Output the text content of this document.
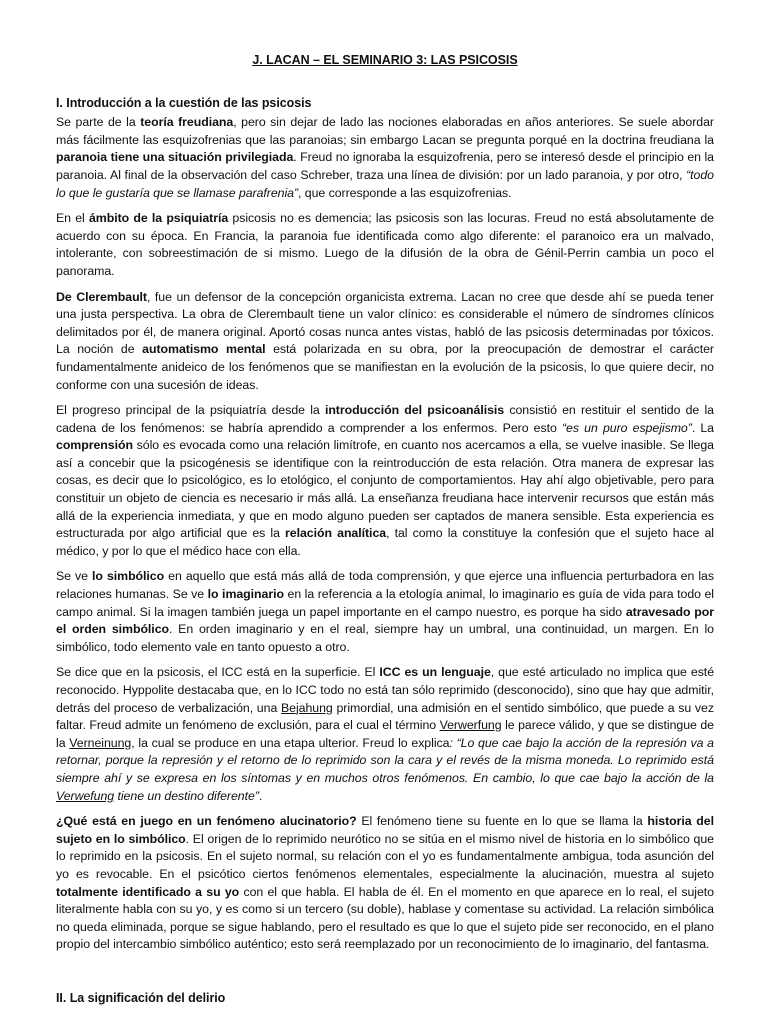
J. LACAN – EL SEMINARIO 3: LAS PSICOSIS
I. Introducción a la cuestión de las psicosis

Se parte de la teoría freudiana, pero sin dejar de lado las nociones elaboradas en años anteriores. Se suele abordar más fácilmente las esquizofrenias que las paranoias; sin embargo Lacan se pregunta porqué en la doctrina freudiana la paranoia tiene una situación privilegiada. Freud no ignoraba la esquizofrenia, pero se interesó desde el principio en la paranoia. Al final de la observación del caso Schreber, traza una línea de división: por un lado paranoia, y por otro, “todo lo que le gustaría que se llamase parafrenia”, que corresponde a las esquizofrenias.

En el ámbito de la psiquiatría psicosis no es demencia; las psicosis son las locuras. Freud no está absolutamente de acuerdo con su época. En Francia, la paranoia fue identificada como algo diferente: el paranoico era un malvado, intolerante, con sobreestimación de si mismo. Luego de la difusión de la obra de Génil-Perrin cambia un poco el panorama.

De Clerembault, fue un defensor de la concepción organicista extrema. Lacan no cree que desde ahí se pueda tener una justa perspectiva. La obra de Clerembault tiene un valor clínico: es considerable el número de síndromes clínicos delimitados por él, de manera original. Aportó cosas nunca antes vistas, habló de las psicosis determinadas por tóxicos. La noción de automatismo mental está polarizada en su obra, por la preocupación de demostrar el carácter fundamentalmente anideico de los fenómenos que se manifiestan en la evolución de la psicosis, lo que quiere decir, no conforme con una sucesión de ideas.

El progreso principal de la psiquiatría desde la introducción del psicoanálisis consistió en restituir el sentido de la cadena de los fenómenos: se habría aprendido a comprender a los enfermos. Pero esto “es un puro espejismo”. La comprensión sólo es evocada como una relación limítrofe, en cuanto nos acercamos a ella, se vuelve inasible. Se llega así a concebir que la psicogénesis se identifique con la reintroducción de esta relación. Otra manera de expresar las cosas, es decir que lo psicológico, es lo etológico, el conjunto de comportamientos. Hay ahí algo objetivable, pero para constituir un objeto de ciencia es necesario ir más allá. La enseñanza freudiana hace intervenir recursos que están más allá de la experiencia inmediata, y que en modo alguno pueden ser captados de manera sensible. Esta experiencia es estructurada por algo artificial que es la relación analítica, tal como la constituye la confesión que el sujeto hace al médico, y por lo que el médico hace con ella.

Se ve lo simbólico en aquello que está más allá de toda comprensión, y que ejerce una influencia perturbadora en las relaciones humanas. Se ve lo imaginario en la referencia a la etología animal, lo imaginario es guía de vida para todo el campo animal. Si la imagen también juega un papel importante en el campo nuestro, es porque ha sido atravesado por el orden simbólico. En orden imaginario y en el real, siempre hay un umbral, una continuidad, un margen. En lo simbólico, todo elemento vale en tanto opuesto a otro.

Se dice que en la psicosis, el ICC está en la superficie. El ICC es un lenguaje, que esté articulado no implica que esté reconocido. Hyppolite destacaba que, en lo ICC todo no está tan sólo reprimido (desconocido), sino que hay que admitir, detrás del proceso de verbalización, una Bejahung primordial, una admisión en el sentido simbólico, que puede a su vez faltar. Freud admite un fenómeno de exclusión, para el cual el término Verwerfung le parece válido, y que se distingue de la Verneinung, la cual se produce en una etapa ulterior. Freud lo explica: “Lo que cae bajo la acción de la represión va a retornar, porque la represión y el retorno de lo reprimido son la cara y el revés de la misma moneda. Lo reprimido está siempre ahí y se expresa en los síntomas y en muchos otros fenómenos. En cambio, lo que cae bajo la acción de la Verwefung tiene un destino diferente”.

¿Qué está en juego en un fenómeno alucinatorio? El fenómeno tiene su fuente en lo que se llama la historia del sujeto en lo simbólico. El origen de lo reprimido neurótico no se sitúa en el mismo nivel de historia en lo simbólico que lo reprimido en la psicosis. En el sujeto normal, su relación con el yo es fundamentalmente ambigua, toda asunción del yo es revocable. En el psicótico ciertos fenómenos elementales, especialmente la alucinación, muestra al sujeto totalmente identificado a su yo con el que habla. El habla de él. En el momento en que aparece en lo real, el sujeto literalmente habla con su yo, y es como si un tercero (su doble), hablase y comentase su actividad. La relación simbólica no queda eliminada, porque se sigue hablando, pero el resultado es que lo que el sujeto pide ser reconocido, en el plano propio del intercambio simbólico auténtico; esto será reemplazado por un reconocimiento de lo imaginario, del fantasma.

II. La significación del delirio
